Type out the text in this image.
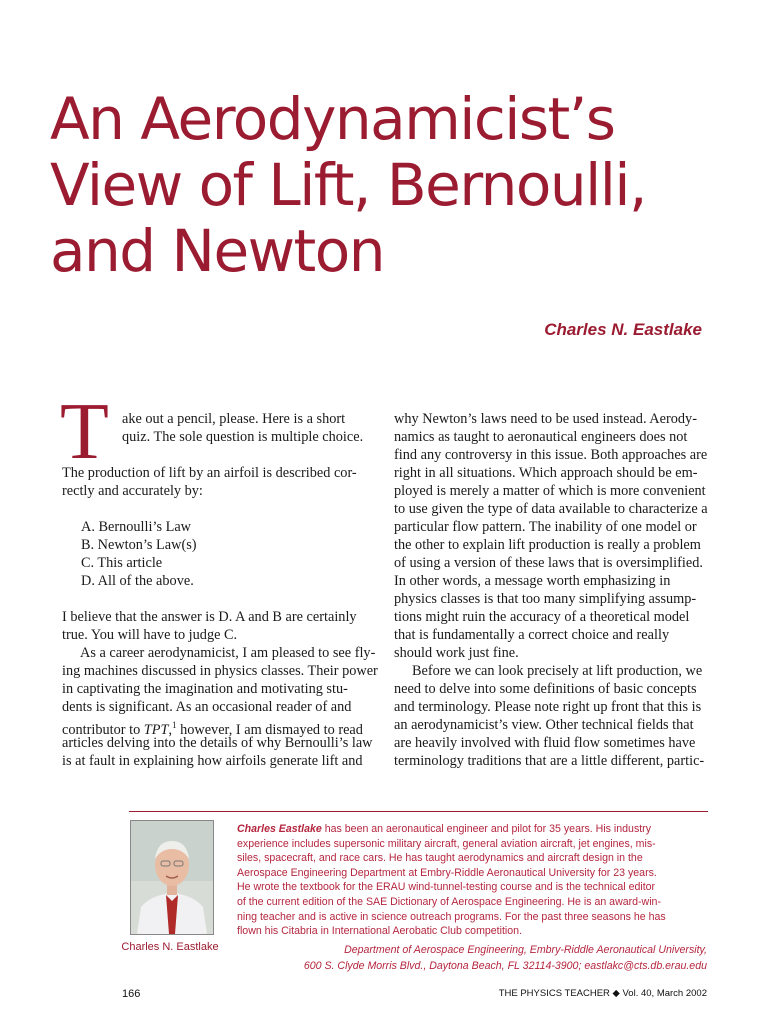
An Aerodynamicist’s
View of Lift, Bernoulli,
and Newton
Charles N. Eastlake
T ake out a pencil, please. Here is a short
quiz. The sole question is multiple choice.
The production of lift by an airfoil is described cor-
rectly and accurately by:
A. Bernoulli’s Law
B. Newton’s Law(s)
C. This article
D. All of the above.
I believe that the answer is D. A and B are certainly
true. You will have to judge C.
As a career aerodynamicist, I am pleased to see fly-
ing machines discussed in physics classes. Their power
in captivating the imagination and motivating stu-
dents is significant. As an occasional reader of and
contributor to TPT,$^1$ however, I am dismayed to read
articles delving into the details of why Bernoulli’s law
is at fault in explaining how airfoils generate lift and
why Newton’s laws need to be used instead. Aerody-
namics as taught to aeronautical engineers does not
find any controversy in this issue. Both approaches are
right in all situations. Which approach should be em-
ployed is merely a matter of which is more convenient
to use given the type of data available to characterize a
particular flow pattern. The inability of one model or
the other to explain lift production is really a problem
of using a version of these laws that is oversimplified.
In other words, a message worth emphasizing in
physics classes is that too many simplifying assump-
tions might ruin the accuracy of a theoretical model
that is fundamentally a correct choice and really
should work just fine.
Before we can look precisely at lift production, we
need to delve into some definitions of basic concepts
and terminology. Please note right up front that this is
an aerodynamicist’s view. Other technical fields that
are heavily involved with fluid flow sometimes have
terminology traditions that are a little different, partic-
Charles N. Eastlake
Charles Eastlake has been an aeronautical engineer and pilot for 35 years. His industry
experience includes supersonic military aircraft, general aviation aircraft, jet engines, mis-
siles, spacecraft, and race cars. He has taught aerodynamics and aircraft design in the
Aerospace Engineering Department at Embry-Riddle Aeronautical University for 23 years.
He wrote the textbook for the ERAU wind-tunnel-testing course and is the technical editor
of the current edition of the SAE Dictionary of Aerospace Engineering. He is an award-win-
ning teacher and is active in science outreach programs. For the past three seasons he has
flown his Citabria in International Aerobatic Club competition.
Department of Aerospace Engineering, Embry-Riddle Aeronautical University,
600 S. Clyde Morris Blvd., Daytona Beach, FL 32114-3900; eastlakc@cts.db.erau.edu
166	THE PHYSICS TEACHER ◆ Vol. 40, March 2002
